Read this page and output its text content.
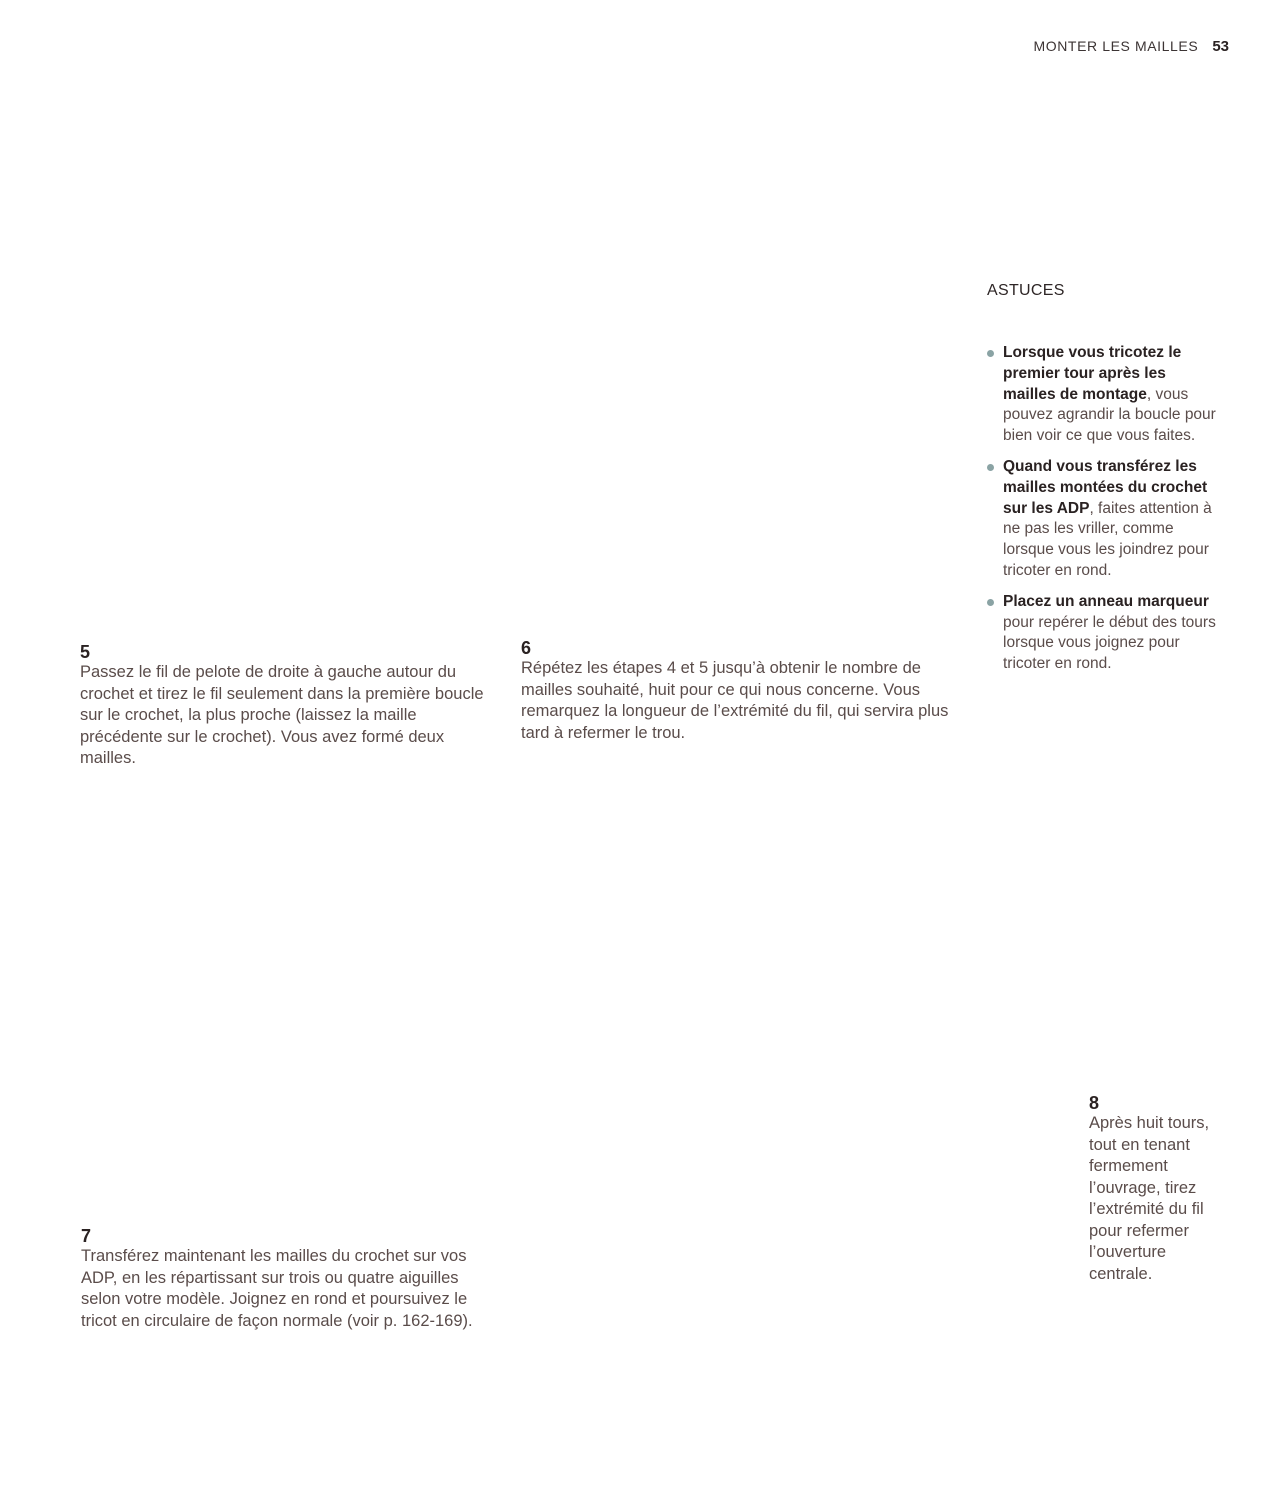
MONTER LES MAILLES 53
5

Passez le fil de pelote de droite à gauche autour du crochet et tirez le fil seulement dans la première boucle sur le crochet, la plus proche (laissez la maille précédente sur le crochet). Vous avez formé deux mailles.

6

Répétez les étapes 4 et 5 jusqu’à obtenir le nombre de mailles souhaité, huit pour ce qui nous concerne. Vous remarquez la longueur de l’extrémité du fil, qui servira plus tard à refermer le trou.

7

Transférez maintenant les mailles du crochet sur vos ADP, en les répartissant sur trois ou quatre aiguilles selon votre modèle. Joignez en rond et poursuivez le tricot en circulaire de façon normale (voir p. 162-169).

8

Après huit tours, tout en tenant fermement l’ouvrage, tirez l’extrémité du fil pour refermer l’ouverture centrale.

ASTUCES
Lorsque vous tricotez le premier tour après les mailles de montage, vous pouvez agrandir la boucle pour bien voir ce que vous faites.
Quand vous transférez les mailles montées du crochet sur les ADP, faites attention à ne pas les vriller, comme lorsque vous les joindrez pour tricoter en rond.
Placez un anneau marqueur pour repérer le début des tours lorsque vous joignez pour tricoter en rond.
